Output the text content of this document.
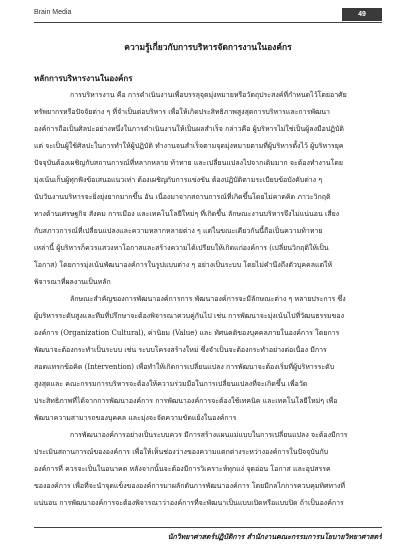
Brain Media	49
ความรู้เกี่ยวกับการบริหารจัดการงานในองค์กร
หลักการบริหารงานในองค์กร

การบริหารงาน คือ การดำเนินงานเพื่อบรรลุจุดมุ่งหมายหรือวัตถุประสงค์ที่กำหนดไว้โดยอาศัย

ทรัพยากรหรือปัจจัยต่าง ๆ ที่จำเป็นต่อบริหาร เพื่อให้เกิดประสิทธิภาพสูงสุดการบริหารและการพัฒนา

องค์การถือเป็นศิลปะอย่างหนึ่งในการดำเนินงานให้เป็นผลสำเร็จ กล่าวคือ ผู้บริหารไม่ใช่เป็นผู้ลงมือปฏิบัติ

แต่ จะเป็นผู้ใช้ศิลปะในการทำให้ผู้ปฏิบัติ ทำงานจนสำเร็จตามจุดมุ่งหมายตามที่ผู้บริหารตั้งไว้ ผู้บริหารยุค

ปัจจุบันต้องเผชิญกับสถานการณ์ที่หลากหลาย ท้าทาย และเปลี่ยนแปลงไปจากเดิมมาก จะต้องทำงานโดย

มุ่งเน้นเก็บผู้ทุกฟังข้อเสนอแนวเท่า ต้องเผชิญกับการแข่งขัน ต้องปฏิบัติตามระเบียบข้อบังคับต่าง ๆ

นับวันงานบริหารจะยิ่งยุ่งยากมากขึ้น อัน เนื่องมาจากสถานการณ์ที่เกิดขึ้นโดยไม่คาดคิด ภาวะวิกฤติ

ทางด้านเศรษฐกิจ สังคม การเมือง และเทคโนโลยีใหม่ๆ ที่เกิดขึ้น ลักษณะงานบริหารจึงไม่แน่นอน เสี่ยง

กับสภาวการณ์ที่เปลี่ยนแปลงและความหลากหลายต่าง ๆ แต่ในขณะเดียวกันนี้ถือเป็นความท้าทาย

เหล่านี้ ผู้บริหารก็ควรแสวงหาโอกาสและสร้างความได้เปรียบให้เกิดแก่องค์การ (เปลี่ยนวิกฤติให้เป็น

โอกาส) โดยการมุ่งเน้นพัฒนาองค์การในรูปแบบต่าง ๆ อย่างเป็นระบบ โดยไม่คำนึงถึงตัวบุคคลแต่ให้

พิจารณาที่ผลงานเป็นหลัก

ลักษณะสำคัญของการพัฒนาองค์การการ พัฒนาองค์การจะมีลักษณะต่าง ๆ หลายประการ ซึ่ง

ผู้บริหารระดับสูงและทีมที่ปรึกษาจะต้องพิจารณาควบคู่กันไป เช่น การพัฒนาจะมุ่งเน้นไปที่วัฒนธรรมของ

องค์การ (Organization Cultural), ค่านิยม (Value) และ ทัศนคติของบุคคลภายในองค์การ โดยการ

พัฒนาจะต้องกระทำเป็นระบบ เช่น ระบบโครงสร้างใหม่ ซึ่งจำเป็นจะต้องกระทำอย่างต่อเนื่อง มีการ

สอดแทรกข้อคิด (Intervention) เพื่อทำให้เกิดการเปลี่ยนแปลง การพัฒนาจะต้องเริ่มที่ผู้บริหารระดับ

สูงสุดและ คณะกรรมการบริหารจะต้องให้ความร่วมมือในการเปลี่ยนแปลงที่จะเกิดขึ้น เพื่อวัด

ประสิทธิภาพที่ได้จากการพัฒนาองค์การ การพัฒนาองค์การจะต้องใช้เทคนิค และเทคโนโลยีใหม่ๆ เพื่อ

พัฒนาความสามารถของบุคคล และมุ่งจะจัดความขัดแย้งในองค์การ

การพัฒนาองค์การอย่างเป็นระบบควร มีการสร้างแผนแม่แบบในการเปลี่ยนแปลง จะต้องมีการ

ประเมินสถานการณ์ขององค์การ เพื่อให้เห็นช่องว่างของความแตกต่างระหว่างองค์การในปัจจุบันกับ

องค์การที่ ควรจะเป็นในอนาคต หลังจากนั้นจะต้องมีการวิเคราะห์ทุกแง่ จุดอ่อน โอกาส และอุปสรรค

ขององค์การ เพื่อที่จะนำจุดแข็งขององค์การมาผลักดันการพัฒนาองค์การ โดยมีกลไกการควบคุมทิศทางที่

แน่นอน การพัฒนาองค์การจะต้องพิจารณาว่าองค์การที่จะพัฒนาเป็นแบบเปิดหรือแบบปิด ถ้าเป็นองค์การ

นักวิทยาศาสตร์ปฏิบัติการ สำนักงานคณะกรรมการนโยบายวิทยาศาสตร์
